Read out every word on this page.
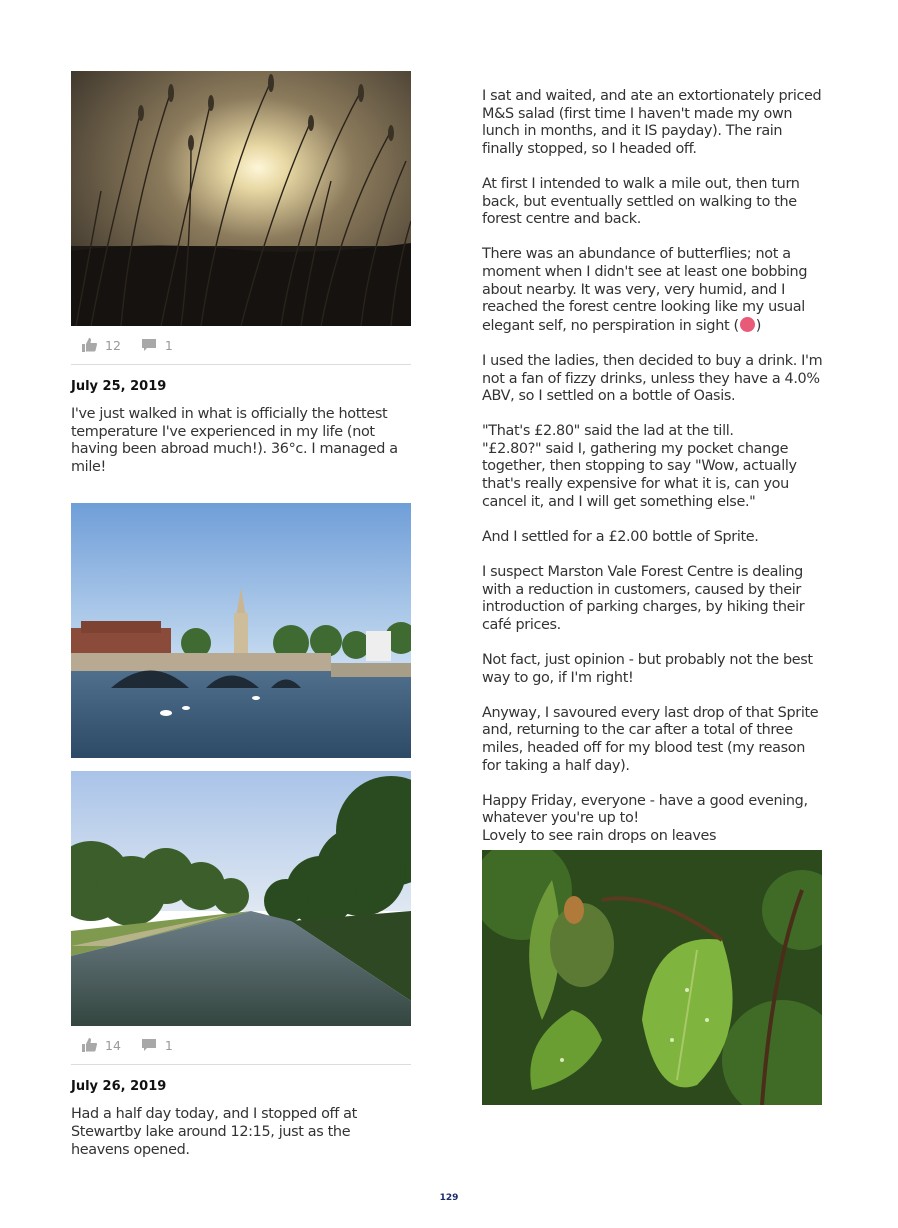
12	1
July 25, 2019

I've just walked in what is officially the hottest temperature I've experienced in my life (not having been abroad much!). 36°c. I managed a mile!

14	1
July 26, 2019

Had a half day today, and I stopped off at Stewartby lake around 12:15, just as the heavens opened.

I sat and waited, and ate an extortionately priced M&S salad (first time I haven't made my own lunch in months, and it IS payday). The rain finally stopped, so I headed off.

At first I intended to walk a mile out, then turn back, but eventually settled on walking to the forest centre and back.

There was an abundance of butterflies; not a moment when I didn't see at least one bobbing about nearby. It was very, very humid, and I reached the forest centre looking like my usual elegant self, no perspiration in sight ( )

I used the ladies, then decided to buy a drink. I'm not a fan of fizzy drinks, unless they have a 4.0% ABV, so I settled on a bottle of Oasis.

"That's £2.80" said the lad at the till.

"£2.80?" said I, gathering my pocket change together, then stopping to say "Wow, actually that's really expensive for what it is, can you cancel it, and I will get something else."

And I settled for a £2.00 bottle of Sprite.

I suspect Marston Vale Forest Centre is dealing with a reduction in customers, caused by their introduction of parking charges, by hiking their café prices.

Not fact, just opinion - but probably not the best way to go, if I'm right!

Anyway, I savoured every last drop of that Sprite and, returning to the car after a total of three miles, headed off for my blood test (my reason for taking a half day).

Happy Friday, everyone - have a good evening, whatever you're up to!

Lovely to see rain drops on leaves

129
